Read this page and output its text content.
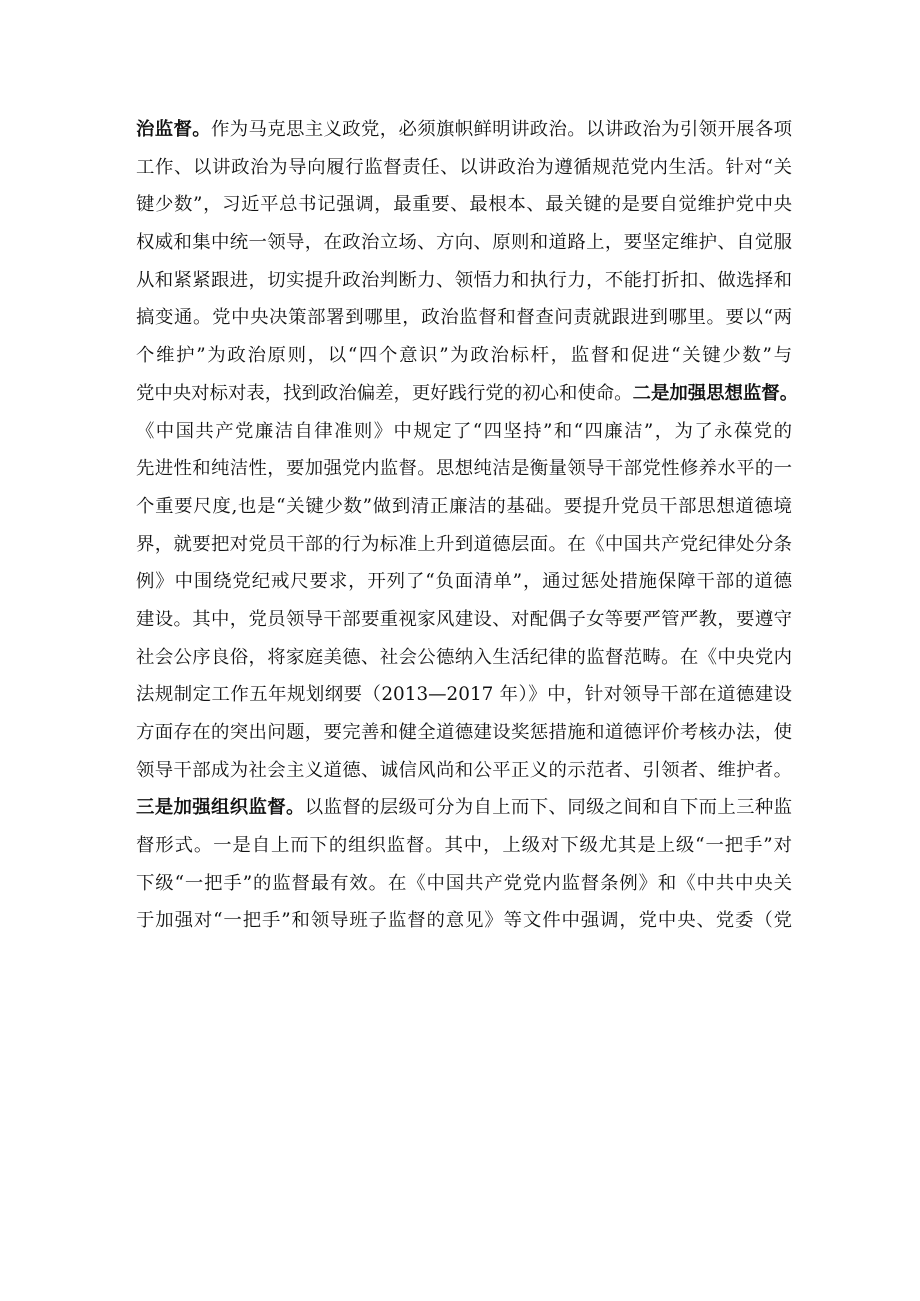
治监督。作为马克思主义政党，必须旗帜鲜明讲政治。以讲政治为引领开展各项
工作、以讲政治为导向履行监督责任、以讲政治为遵循规范党内生活。针对“关
键少数”，习近平总书记强调，最重要、最根本、最关键的是要自觉维护党中央
权威和集中统一领导，在政治立场、方向、原则和道路上，要坚定维护、自觉服
从和紧紧跟进，切实提升政治判断力、领悟力和执行力，不能打折扣、做选择和
搞变通。党中央决策部署到哪里，政治监督和督查问责就跟进到哪里。要以“两
个维护”为政治原则，以“四个意识”为政治标杆，监督和促进“关键少数”与
党中央对标对表，找到政治偏差，更好践行党的初心和使命。二是加强思想监督。
《中国共产党廉洁自律准则》中规定了“四坚持”和“四廉洁”，为了永葆党的
先进性和纯洁性，要加强党内监督。思想纯洁是衡量领导干部党性修养水平的一
个重要尺度,也是“关键少数”做到清正廉洁的基础。要提升党员干部思想道德境
界，就要把对党员干部的行为标准上升到道德层面。在《中国共产党纪律处分条
例》中围绕党纪戒尺要求，开列了“负面清单”，通过惩处措施保障干部的道德
建设。其中，党员领导干部要重视家风建设、对配偶子女等要严管严教，要遵守
社会公序良俗，将家庭美德、社会公德纳入生活纪律的监督范畴。在《中央党内
法规制定工作五年规划纲要（2013—2017 年）》中，针对领导干部在道德建设
方面存在的突出问题，要完善和健全道德建设奖惩措施和道德评价考核办法，使
领导干部成为社会主义道德、诚信风尚和公平正义的示范者、引领者、维护者。
三是加强组织监督。以监督的层级可分为自上而下、同级之间和自下而上三种监
督形式。一是自上而下的组织监督。其中，上级对下级尤其是上级“一把手”对
下级“一把手”的监督最有效。在《中国共产党党内监督条例》和《中共中央关
于加强对“一把手”和领导班子监督的意见》等文件中强调，党中央、党委（党
